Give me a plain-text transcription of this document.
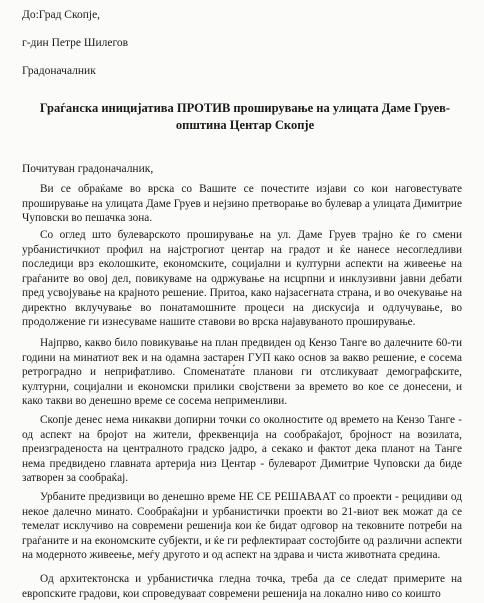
До:Град Скопје,
г-дин Петре Шилегов
Градоначалник
Граѓанска иницијатива ПРОТИВ проширување на улицата Даме Груев-општина Центар Скопје
Почитуван градоначалник,
Ви се обраќаме во врска со Вашите се почестите изјави со кои наговестувате проширување на улицата Даме Груев и нејзино претворање во булевар а улицата Димитрие Чуповски во пешачка зона.
Со оглед што булеварското проширување на ул. Даме Груев трајно ќе го смени урбанистичкиот профил на најстрогиот центар на градот и ќе нанесе несогледливи последици врз еколошките, економските, социјални и културни аспекти на живеење на граѓаните во овој дел, повикуваме на одржување на исцрпни и инклузивни јавни дебати пред усвојување на крајното решение. Притоа, како најзасегната страна, и во очекување на директно вклучување во понатамошните процеси на дискусија и одлучување, во продолжение ги изнесуваме нашите ставови во врска најавуваното проширување.
Најпрво, какво било повикување на план предвиден од Кензо Танге во далечните 60-ти години на минатиот век и на одамна застарен ГУП како основ за вакво решение, е сосема ретроградно и неприфатливо. Спомената́те планови ги отсликуваат демографските, културни, социјални и економски прилики својствени за времето во кое се донесени, и како такви во денешно време се сосема неприменливи.
Скопје денес нема никакви допирни точки со околностите од времето на Кензо Танге - од аспект на бројот на жители, фреквенција на сообраќајот, бројност на возилата, преизграденоста на централното градско јадро, а секако и фактот дека планот на Танге нема предвидено главната артерија низ Центар - булеварот Димитрие Чуповски да биде затворен за сообраќај.
Урбаните предизвици во денешно време НЕ СЕ РЕШАВААТ со проекти - рецидиви од некое далечно минато. Сообраќајни и урбанистички проекти во 21-виот век можат да се темелат исклучиво на современи решенија кои ќе бидат одговор на тековните потреби на граѓаните и на економските субјекти, и ќе ги рефлектираат состојбите од различни аспекти на модерното живеење, меѓу другото и од аспект на здрава и чиста животната средина.
Од архитектонска и урбанистичка гледна точка, треба да се следат примерите на европските градови, кои спроведуваат современи решенија на локално ниво со коишто
